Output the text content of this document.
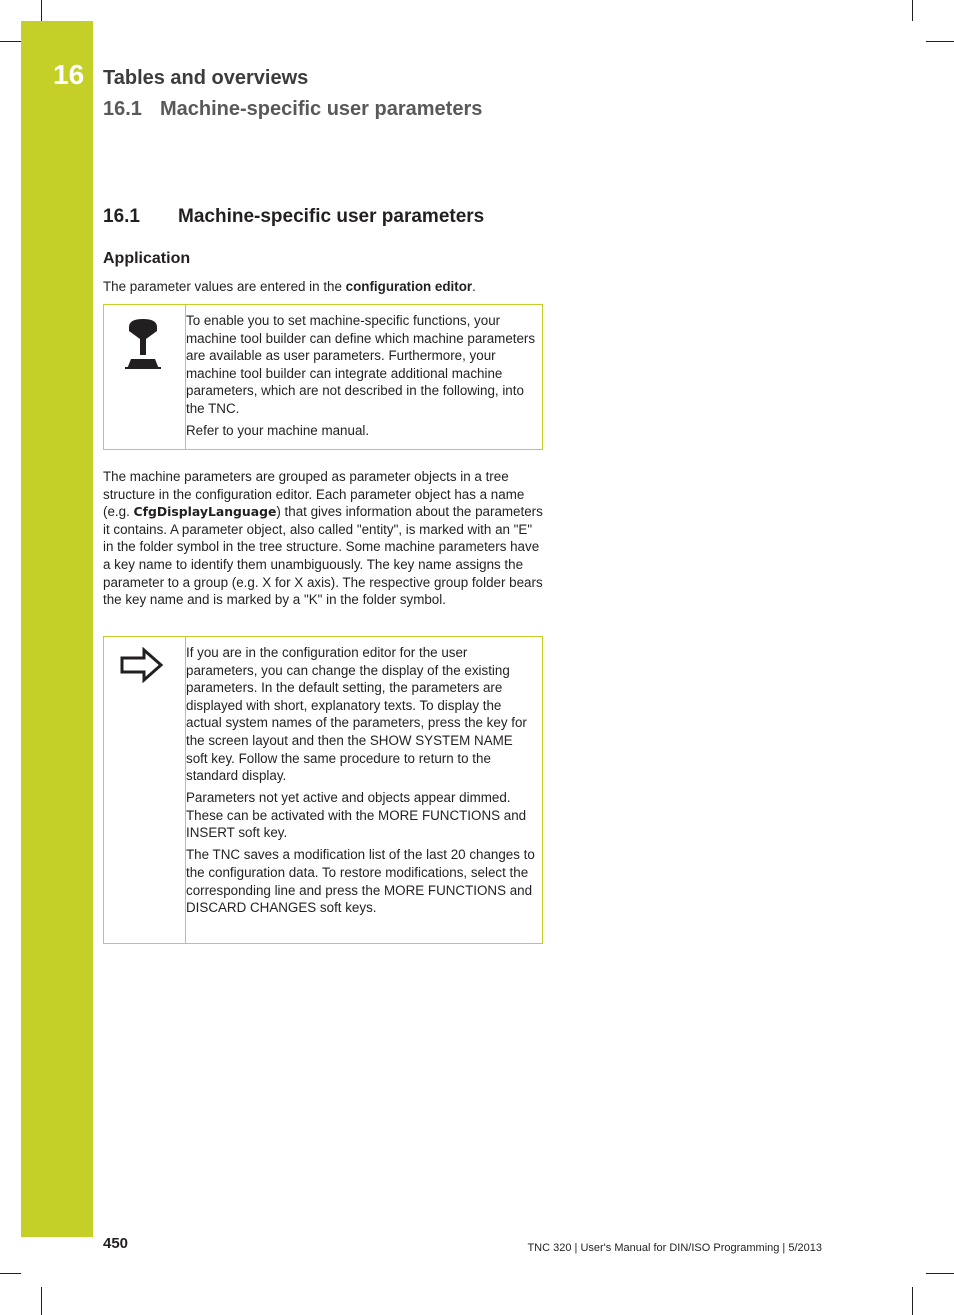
16 Tables and overviews
16.1 Machine-specific user parameters
16.1 Machine-specific user parameters
Application
The parameter values are entered in the configuration editor.

To enable you to set machine-specific functions, your machine tool builder can define which machine parameters are available as user parameters. Furthermore, your machine tool builder can integrate additional machine parameters, which are not described in the following, into the TNC.

Refer to your machine manual.

The machine parameters are grouped as parameter objects in a tree structure in the configuration editor. Each parameter object has a name (e.g. CfgDisplayLanguage) that gives information about the parameters it contains. A parameter object, also called "entity", is marked with an "E" in the folder symbol in the tree structure. Some machine parameters have a key name to identify them unambiguously. The key name assigns the parameter to a group (e.g. X for X axis). The respective group folder bears the key name and is marked by a "K" in the folder symbol.

If you are in the configuration editor for the user parameters, you can change the display of the existing parameters. In the default setting, the parameters are displayed with short, explanatory texts. To display the actual system names of the parameters, press the key for the screen layout and then the SHOW SYSTEM NAME soft key. Follow the same procedure to return to the standard display.

Parameters not yet active and objects appear dimmed. These can be activated with the MORE FUNCTIONS and INSERT soft key.

The TNC saves a modification list of the last 20 changes to the configuration data. To restore modifications, select the corresponding line and press the MORE FUNCTIONS and DISCARD CHANGES soft keys.

450	TNC 320 | User's Manual for DIN/ISO Programming | 5/2013
